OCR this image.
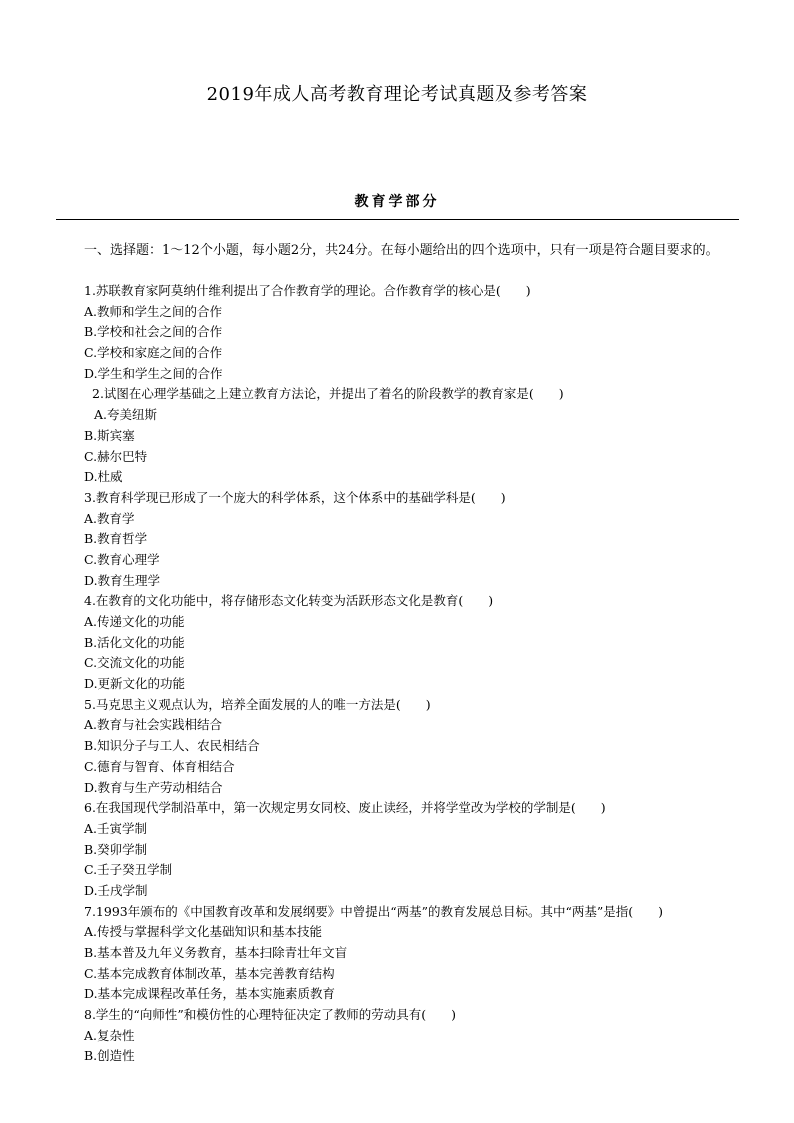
2019年成人高考教育理论考试真题及参考答案
教育学部分
一、选择题：1～12个小题，每小题2分，共24分。在每小题给出的四个选项中，只有一项是符合题目要求的。
1.苏联教育家阿莫纳什维利提出了合作教育学的理论。合作教育学的核心是(　　)
A.教师和学生之间的合作
B.学校和社会之间的合作
C.学校和家庭之间的合作
D.学生和学生之间的合作
2.试图在心理学基础之上建立教育方法论，并提出了着名的阶段教学的教育家是(　　)
A.夸美纽斯
B.斯宾塞
C.赫尔巴特
D.杜威
3.教育科学现已形成了一个庞大的科学体系，这个体系中的基础学科是(　　)
A.教育学
B.教育哲学
C.教育心理学
D.教育生理学
4.在教育的文化功能中，将存储形态文化转变为活跃形态文化是教育(　　)
A.传递文化的功能
B.活化文化的功能
C.交流文化的功能
D.更新文化的功能
5.马克思主义观点认为，培养全面发展的人的唯一方法是(　　)
A.教育与社会实践相结合
B.知识分子与工人、农民相结合
C.德育与智育、体育相结合
D.教育与生产劳动相结合
6.在我国现代学制沿革中，第一次规定男女同校、废止读经，并将学堂改为学校的学制是(　　)
A.壬寅学制
B.癸卯学制
C.壬子癸丑学制
D.壬戌学制
7.1993年颁布的《中国教育改革和发展纲要》中曾提出“两基”的教育发展总目标。其中“两基”是指(　　)
A.传授与掌握科学文化基础知识和基本技能
B.基本普及九年义务教育，基本扫除青壮年文盲
C.基本完成教育体制改革，基本完善教育结构
D.基本完成课程改革任务，基本实施素质教育
8.学生的“向师性”和模仿性的心理特征决定了教师的劳动具有(　　)
A.复杂性
B.创造性
